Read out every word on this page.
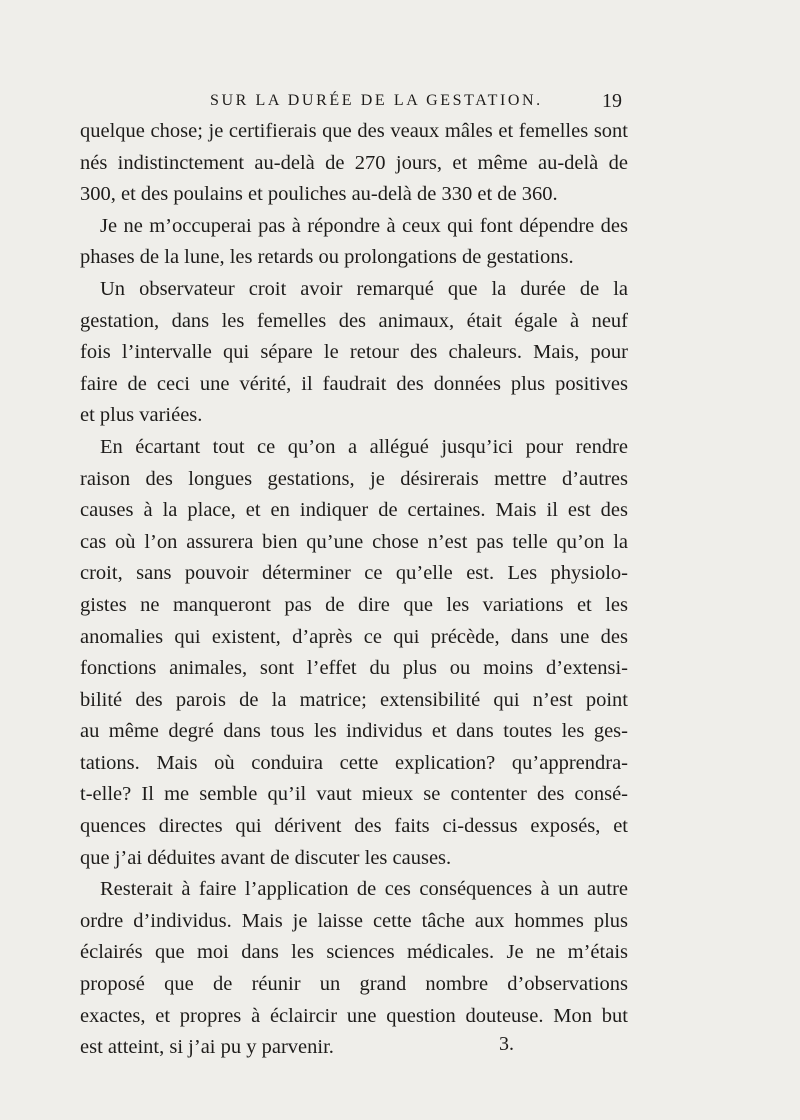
SUR LA DURÉE DE LA GESTATION.	19
quelque chose; je certifierais que des veaux mâles et femelles sont
nés indistinctement au-delà de 270 jours, et même au-delà de
300, et des poulains et pouliches au-delà de 330 et de 360.
Je ne m’occuperai pas à répondre à ceux qui font dépendre des
phases de la lune, les retards ou prolongations de gestations.
Un observateur croit avoir remarqué que la durée de la
gestation, dans les femelles des animaux, était égale à neuf
fois l’intervalle qui sépare le retour des chaleurs. Mais, pour
faire de ceci une vérité, il faudrait des données plus positives
et plus variées.
En écartant tout ce qu’on a allégué jusqu’ici pour rendre
raison des longues gestations, je désirerais mettre d’autres
causes à la place, et en indiquer de certaines. Mais il est des
cas où l’on assurera bien qu’une chose n’est pas telle qu’on la
croit, sans pouvoir déterminer ce qu’elle est. Les physiolo-
gistes ne manqueront pas de dire que les variations et les
anomalies qui existent, d’après ce qui précède, dans une des
fonctions animales, sont l’effet du plus ou moins d’extensi-
bilité des parois de la matrice; extensibilité qui n’est point
au même degré dans tous les individus et dans toutes les ges-
tations. Mais où conduira cette explication? qu’apprendra-
t-elle? Il me semble qu’il vaut mieux se contenter des consé-
quences directes qui dérivent des faits ci-dessus exposés, et
que j’ai déduites avant de discuter les causes.
Resterait à faire l’application de ces conséquences à un autre
ordre d’individus. Mais je laisse cette tâche aux hommes plus
éclairés que moi dans les sciences médicales. Je ne m’étais
proposé que de réunir un grand nombre d’observations
exactes, et propres à éclaircir une question douteuse. Mon but
est atteint, si j’ai pu y parvenir.	3.
